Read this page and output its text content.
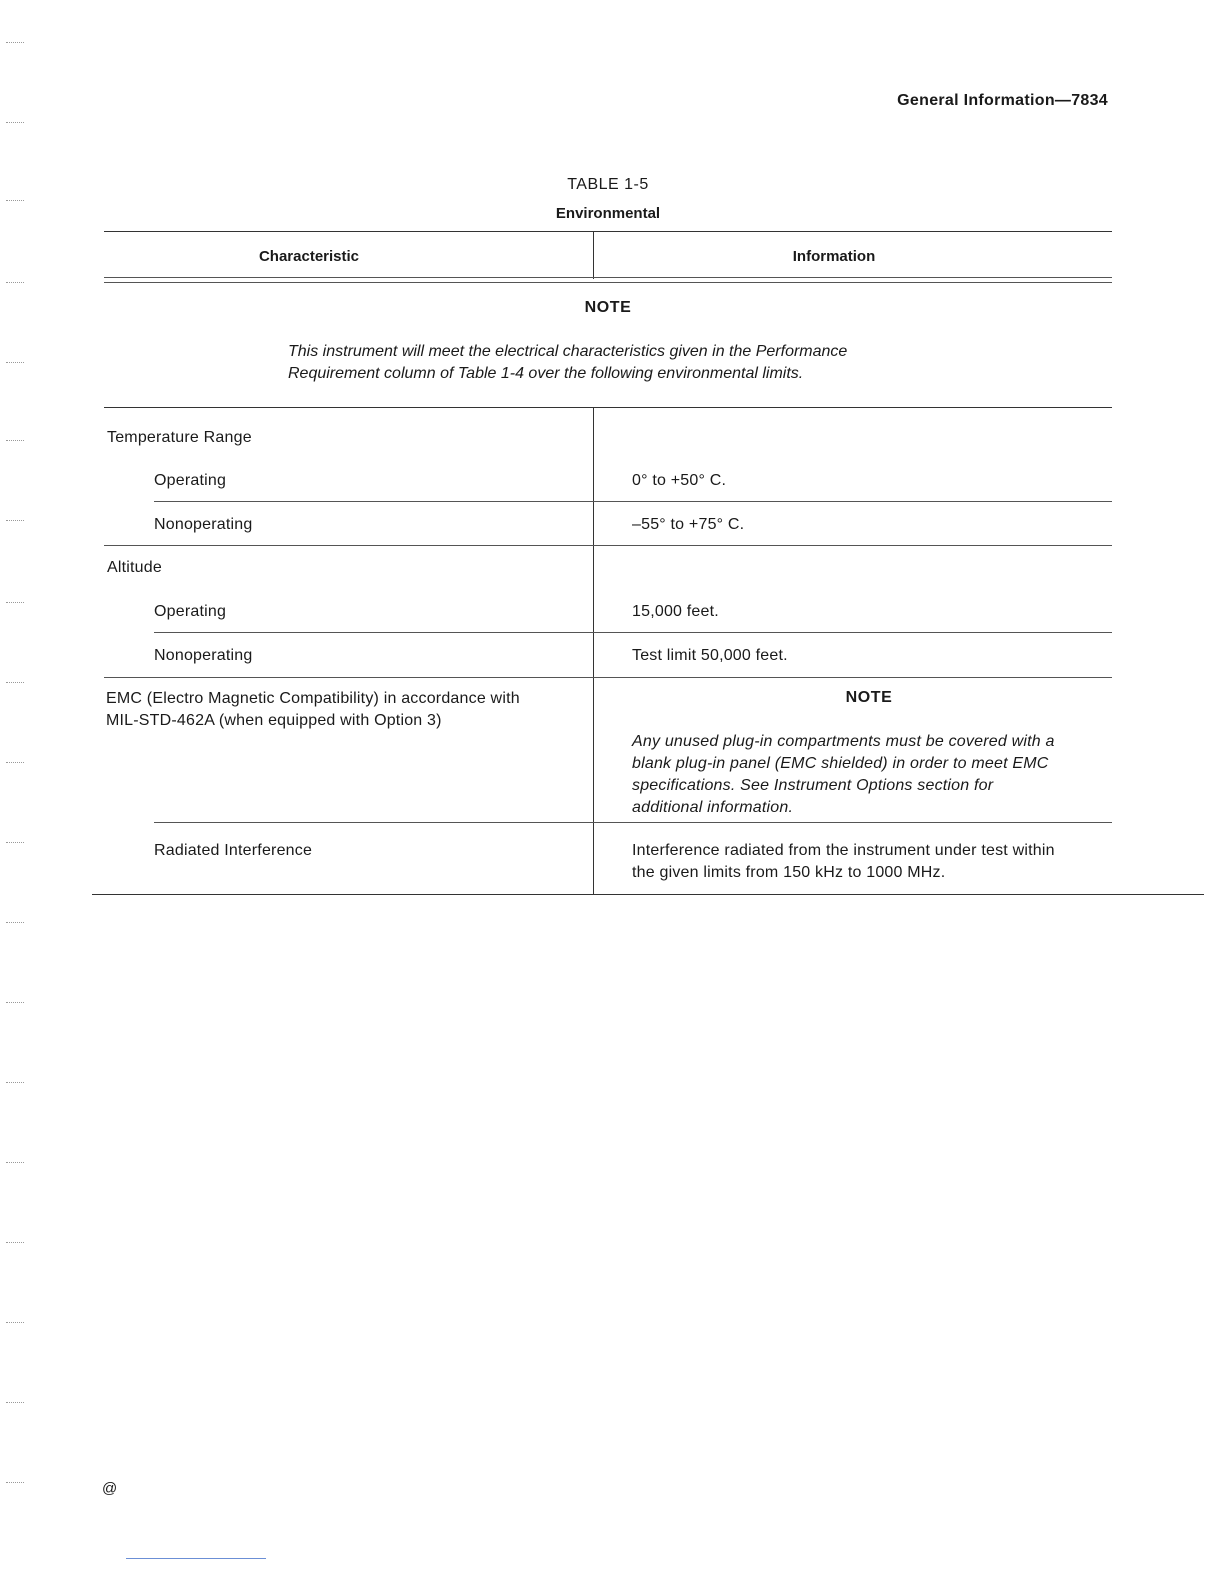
General Information—7834
TABLE 1-5
Environmental
Characteristic	Information
NOTE
This instrument will meet the electrical characteristics given in the Performance
Requirement column of Table 1-4 over the following environmental limits.
Temperature Range
Operating	0° to +50° C.
Nonoperating	–55° to +75° C.
Altitude
Operating	15,000 feet.
Nonoperating	Test limit 50,000 feet.
EMC (Electro Magnetic Compatibility) in accordance with
MIL-STD-462A (when equipped with Option 3)
NOTE
Any unused plug-in compartments must be covered with a
blank plug-in panel (EMC shielded) in order to meet EMC
specifications. See Instrument Options section for
additional information.
Radiated Interference	Interference radiated from the instrument under test within
the given limits from 150 kHz to 1000 MHz.
@
